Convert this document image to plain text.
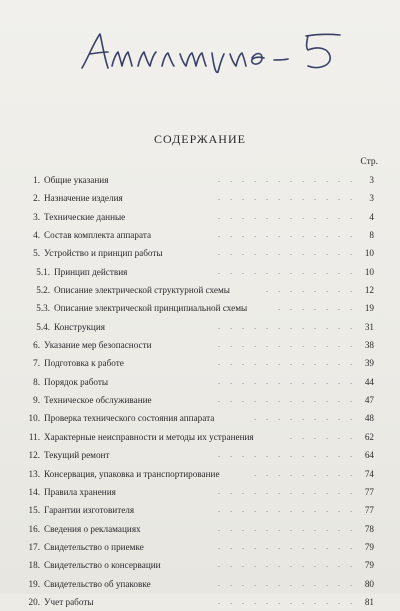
СОДЕРЖАНИЕ
Стр.
1. Общие указания	............ 3
2. Назначение изделия	............ 3
3. Технические данные	............ 4
4. Состав комплекта аппарата	............ 8
5. Устройство и принцип работы	............ 10
5.1. Принцип действия	............ 10
5.2. Описание электрической структурной схемы	........ 12
5.3. Описание электрической принципиальной схемы	....... 19
5.4. Конструкция	............ 31
6. Указание мер безопасности	............ 38
7. Подготовка к работе	............ 39
8. Порядок работы	............ 44
9. Техническое обслуживание	............ 47
10. Проверка технического состояния аппарата	......... 48
11. Характерные неисправности и методы их устранения	...... 62
12. Текущий ремонт	............ 64
13. Консервация, упаковка и транспортирование	......... 74
14. Правила хранения	............ 77
15. Гарантии изготовителя	............ 77
16. Сведения о рекламациях	............ 78
17. Свидетельство о приемке	............ 79
18. Свидетельство о консервации	............ 79
19. Свидетельство об упаковке	............ 80
20. Учет работы	............ 81
